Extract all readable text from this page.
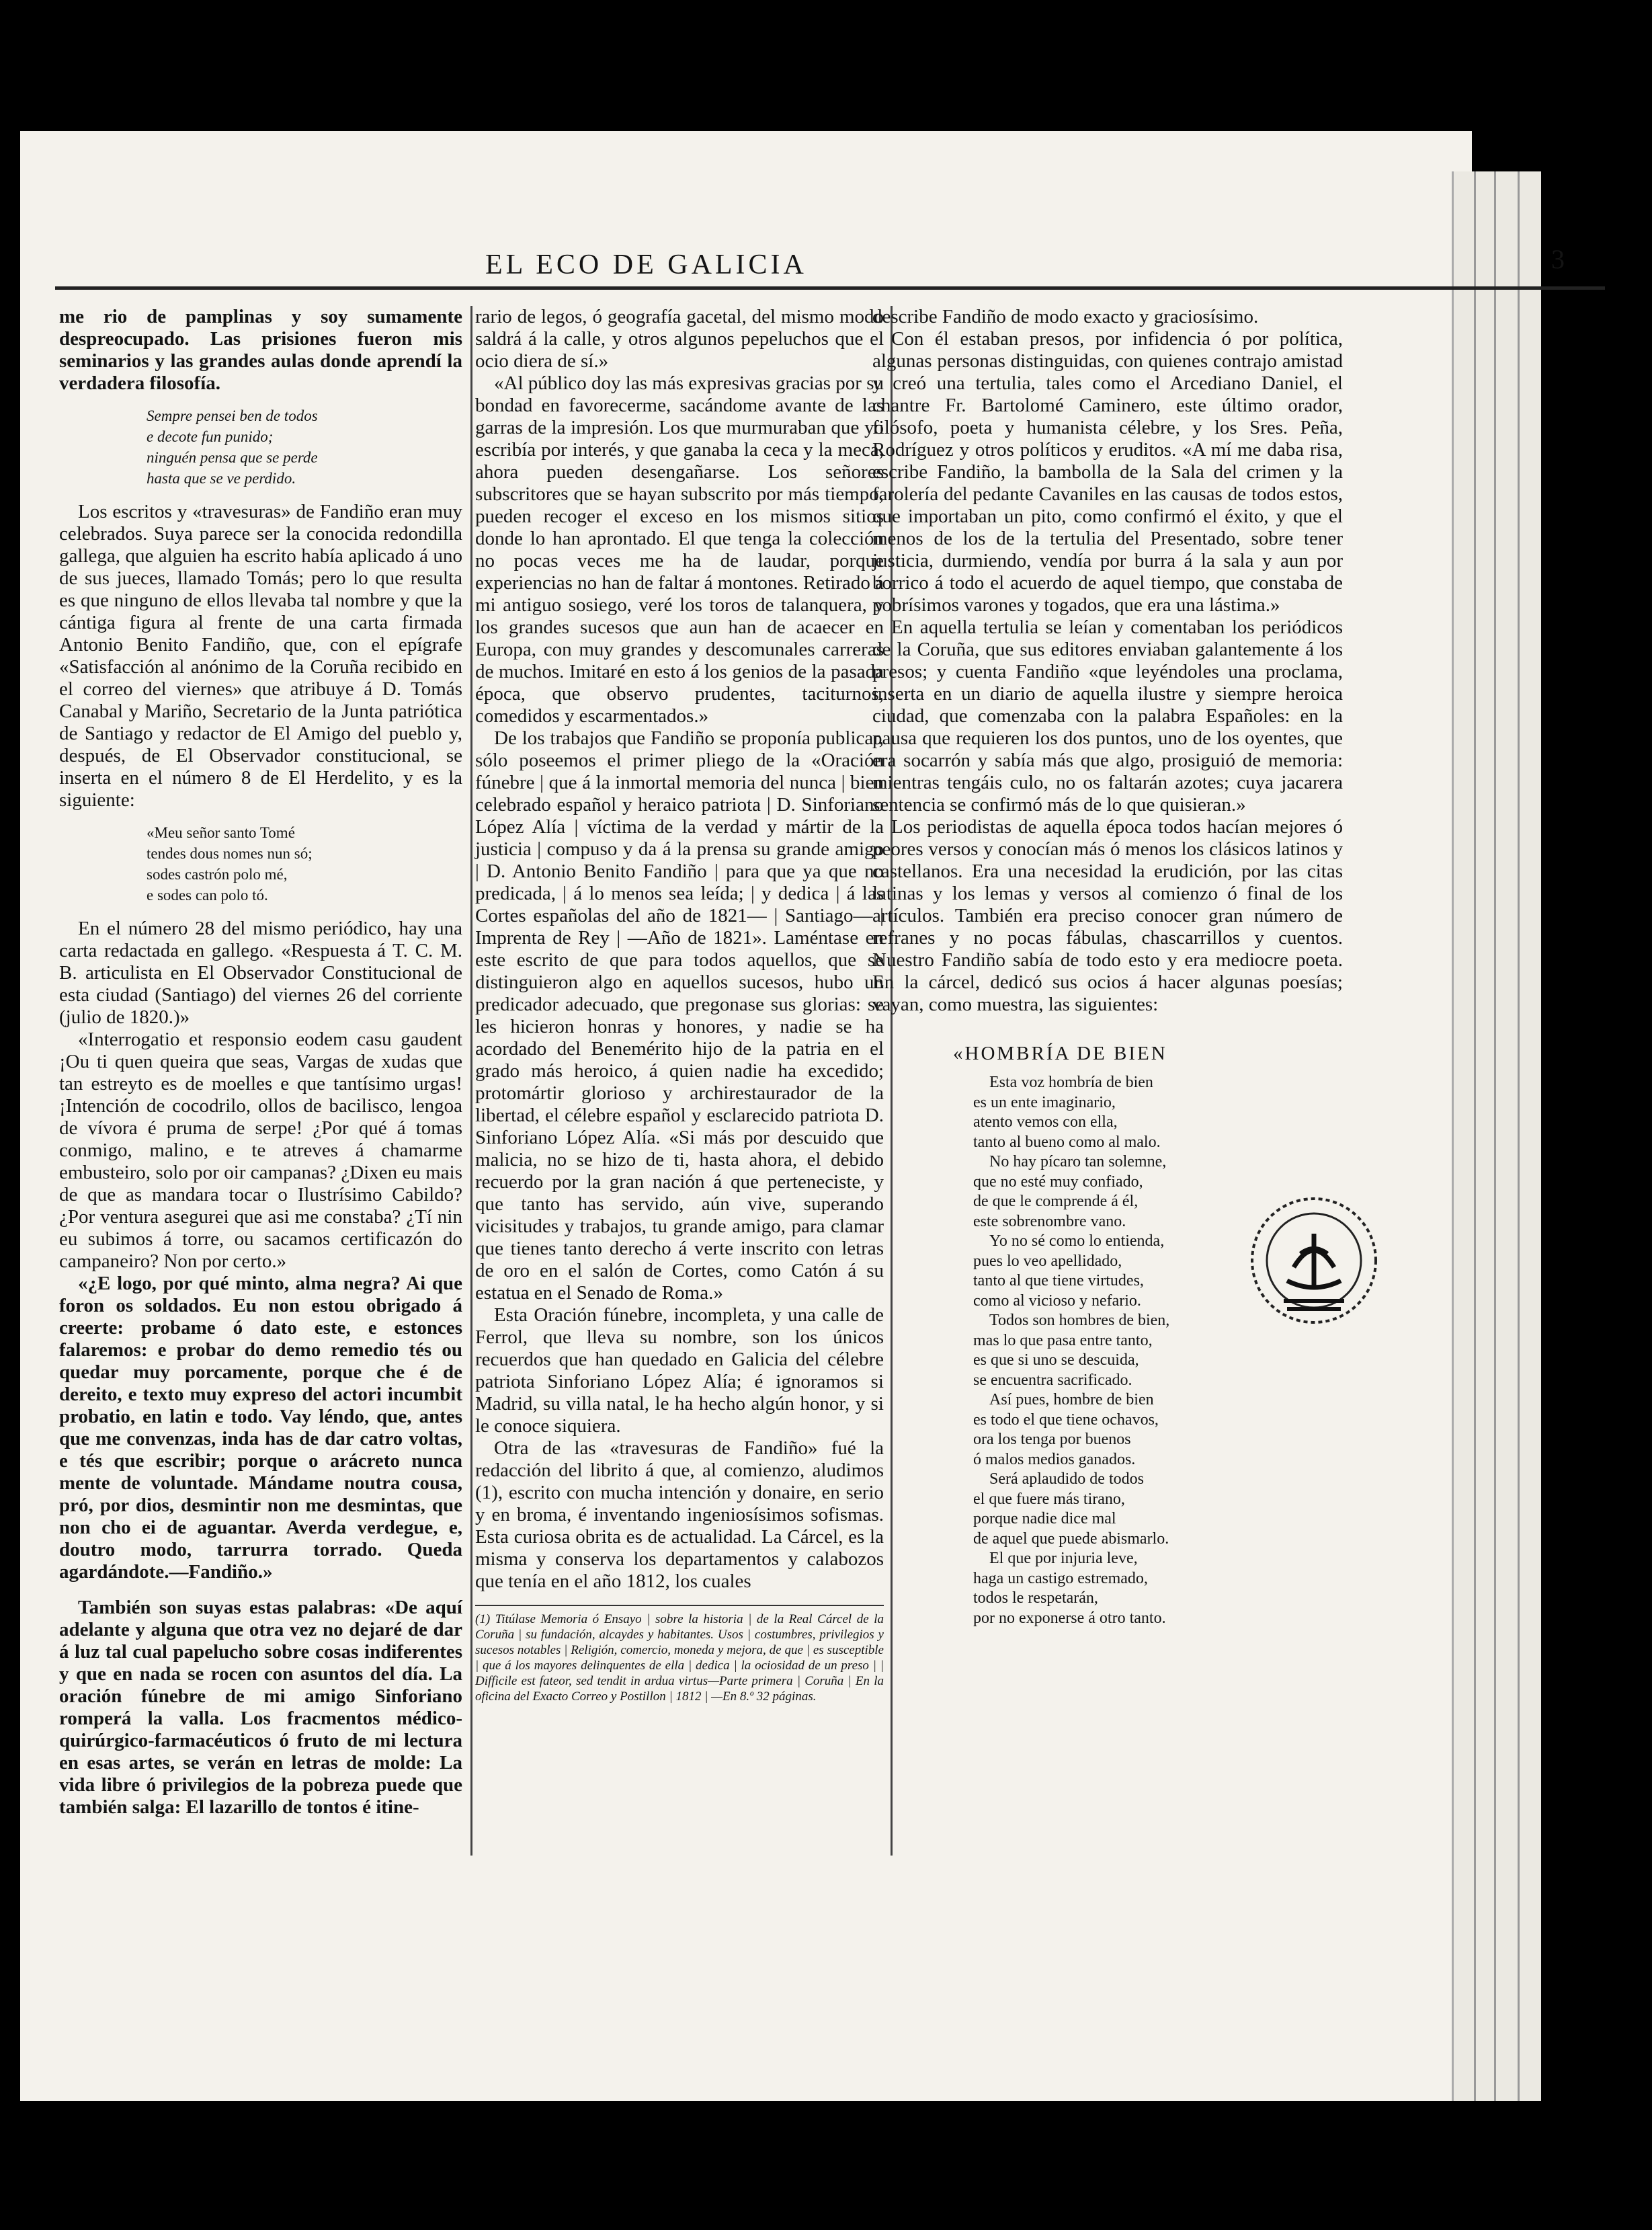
EL ECO DE GALICIA	3

me rio de pamplinas y soy sumamente despreocupado. Las prisiones fueron mis seminarios y las grandes aulas donde aprendí la verdadera filosofía.

Sempre pensei ben de todos
e decote fun punido;
ninguén pensa que se perde
hasta que se ve perdido.

Los escritos y «travesuras» de Fandiño eran muy celebrados. Suya parece ser la conocida redondilla gallega, que alguien ha escrito había aplicado á uno de sus jueces, llamado Tomás; pero lo que resulta es que ninguno de ellos llevaba tal nombre y que la cántiga figura al frente de una carta firmada Antonio Benito Fandiño, que, con el epígrafe «Satisfacción al anónimo de la Coruña recibido en el correo del viernes» que atribuye á D. Tomás Canabal y Mariño, Secretario de la Junta patriótica de Santiago y redactor de El Amigo del pueblo y, después, de El Observador constitucional, se inserta en el número 8 de El Herdelito, y es la siguiente:

«Meu señor santo Tomé
tendes dous nomes nun só;
sodes castrón polo mé,
e sodes can polo tó.

En el número 28 del mismo periódico, hay una carta redactada en gallego. «Respuesta á T. C. M. B. articulista en El Observador Constitucional de esta ciudad (Santiago) del viernes 26 del corriente (julio de 1820.)»

«Interrogatio et responsio eodem casu gaudent ¡Ou ti quen queira que seas, Vargas de xudas que tan estreyto es de moelles e que tantísimo urgas! ¡Intención de cocodrilo, ollos de bacilisco, lengoa de vívora é pruma de serpe! ¿Por qué á tomas conmigo, malino, e te atreves á chamarme embusteiro, solo por oir campanas? ¿Dixen eu mais de que as mandara tocar o Ilustrísimo Cabildo? ¿Por ventura asegurei que asi me constaba? ¿Tí nin eu subimos á torre, ou sacamos certificazón do campaneiro? Non por certo.»

«¿E logo, por qué minto, alma negra? Ai que foron os soldados. Eu non estou obrigado á creerte: probame ó dato este, e estonces falaremos: e probar do demo remedio tés ou quedar muy porcamente, porque che é de dereito, e texto muy expreso del actori incumbit probatio, en latin e todo. Vay léndo, que, antes que me convenzas, inda has de dar catro voltas, e tés que escribir; porque o arácreto nunca mente de voluntade. Mándame noutra cousa, pró, por dios, desmintir non me desmintas, que non cho ei de aguantar. Averda verdegue, e, doutro modo, tarrurra torrado. Queda agardándote.—Fandiño.»

También son suyas estas palabras: «De aquí adelante y alguna que otra vez no dejaré de dar á luz tal cual papelucho sobre cosas indiferentes y que en nada se rocen con asuntos del día. La oración fúnebre de mi amigo Sinforiano romperá la valla. Los fracmentos médico-quirúrgico-farmacéuticos ó fruto de mi lectura en esas artes, se verán en letras de molde: La vida libre ó privilegios de la pobreza puede que también salga: El lazarillo de tontos é itine-

rario de legos, ó geografía gacetal, del mismo modo saldrá á la calle, y otros algunos pepeluchos que el ocio diera de sí.»

«Al público doy las más expresivas gracias por su bondad en favorecerme, sacándome avante de las garras de la impresión. Los que murmuraban que yo escribía por interés, y que ganaba la ceca y la meca, ahora pueden desengañarse. Los señores subscritores que se hayan subscrito por más tiempo, pueden recoger el exceso en los mismos sitios donde lo han aprontado. El que tenga la colección no pocas veces me ha de laudar, porque experiencias no han de faltar á montones. Retirado á mi antiguo sosiego, veré los toros de talanquera, y los grandes sucesos que aun han de acaecer en Europa, con muy grandes y descomunales carreras de muchos. Imitaré en esto á los genios de la pasada época, que observo prudentes, taciturnos, comedidos y escarmentados.»

De los trabajos que Fandiño se proponía publicar, sólo poseemos el primer pliego de la «Oración fúnebre | que á la inmortal memoria del nunca | bien celebrado español y heraico patriota | D. Sinforiano López Alía | víctima de la verdad y mártir de la justicia | compuso y da á la prensa su grande amigo | D. Antonio Benito Fandiño | para que ya que no predicada, | á lo menos sea leída; | y dedica | á las Cortes españolas del año de 1821— | Santiago— | Imprenta de Rey | —Año de 1821». Laméntase en este escrito de que para todos aquellos, que se distinguieron algo en aquellos sucesos, hubo un predicador adecuado, que pregonase sus glorias: se les hicieron honras y honores, y nadie se ha acordado del Benemérito hijo de la patria en el grado más heroico, á quien nadie ha excedido; protomártir glorioso y archirestaurador de la libertad, el célebre español y esclarecido patriota D. Sinforiano López Alía. «Si más por descuido que malicia, no se hizo de ti, hasta ahora, el debido recuerdo por la gran nación á que perteneciste, y que tanto has servido, aún vive, superando vicisitudes y trabajos, tu grande amigo, para clamar que tienes tanto derecho á verte inscrito con letras de oro en el salón de Cortes, como Catón á su estatua en el Senado de Roma.»

Esta Oración fúnebre, incompleta, y una calle de Ferrol, que lleva su nombre, son los únicos recuerdos que han quedado en Galicia del célebre patriota Sinforiano López Alía; é ignoramos si Madrid, su villa natal, le ha hecho algún honor, y si le conoce siquiera.

Otra de las «travesuras de Fandiño» fué la redacción del librito á que, al comienzo, aludimos (1), escrito con mucha intención y donaire, en serio y en broma, é inventando ingeniosísimos sofismas. Esta curiosa obrita es de actualidad. La Cárcel, es la misma y conserva los departamentos y calabozos que tenía en el año 1812, los cuales

(1) Titúlase Memoria ó Ensayo | sobre la historia | de la Real Cárcel de la Coruña | su fundación, alcaydes y habitantes. Usos | costumbres, privilegios y sucesos notables | Religión, comercio, moneda y mejora, de que | es susceptible | que á los mayores delinquentes de ella | dedica | la ociosidad de un preso | | Difficile est fateor, sed tendit in ardua virtus—Parte primera | Coruña | En la oficina del Exacto Correo y Postillon | 1812 | —En 8.º 32 páginas.

describe Fandiño de modo exacto y graciosísimo.

Con él estaban presos, por infidencia ó por política, algunas personas distinguidas, con quienes contrajo amistad y creó una tertulia, tales como el Arcediano Daniel, el chantre Fr. Bartolomé Caminero, este último orador, filósofo, poeta y humanista célebre, y los Sres. Peña, Rodríguez y otros políticos y eruditos. «A mí me daba risa, escribe Fandiño, la bambolla de la Sala del crimen y la farolería del pedante Cavaniles en las causas de todos estos, que importaban un pito, como confirmó el éxito, y que el menos de los de la tertulia del Presentado, sobre tener justicia, durmiendo, vendía por burra á la sala y aun por borrico á todo el acuerdo de aquel tiempo, que constaba de pobrísimos varones y togados, que era una lástima.»

En aquella tertulia se leían y comentaban los periódicos de la Coruña, que sus editores enviaban galantemente á los presos; y cuenta Fandiño «que leyéndoles una proclama, inserta en un diario de aquella ilustre y siempre heroica ciudad, que comenzaba con la palabra Españoles: en la pausa que requieren los dos puntos, uno de los oyentes, que era socarrón y sabía más que algo, prosiguió de memoria: mientras tengáis culo, no os faltarán azotes; cuya jacarera sentencia se confirmó más de lo que quisieran.»

Los periodistas de aquella época todos hacían mejores ó peores versos y conocían más ó menos los clásicos latinos y castellanos. Era una necesidad la erudición, por las citas latinas y los lemas y versos al comienzo ó final de los artículos. También era preciso conocer gran número de refranes y no pocas fábulas, chascarrillos y cuentos. Nuestro Fandiño sabía de todo esto y era mediocre poeta. En la cárcel, dedicó sus ocios á hacer algunas poesías; vayan, como muestra, las siguientes:

«HOMBRÍA DE BIEN
Esta voz hombría de bien
es un ente imaginario,
atento vemos con ella,
tanto al bueno como al malo.
No hay pícaro tan solemne,
que no esté muy confiado,
de que le comprende á él,
este sobrenombre vano.
Yo no sé como lo entienda,
pues lo veo apellidado,
tanto al que tiene virtudes,
como al vicioso y nefario.
Todos son hombres de bien,
mas lo que pasa entre tanto,
es que si uno se descuida,
se encuentra sacrificado.
Así pues, hombre de bien
es todo el que tiene ochavos,
ora los tenga por buenos
ó malos medios ganados.
Será aplaudido de todos
el que fuere más tirano,
porque nadie dice mal
de aquel que puede abismarlo.
El que por injuria leve,
haga un castigo estremado,
todos le respetarán,
por no exponerse á otro tanto.
